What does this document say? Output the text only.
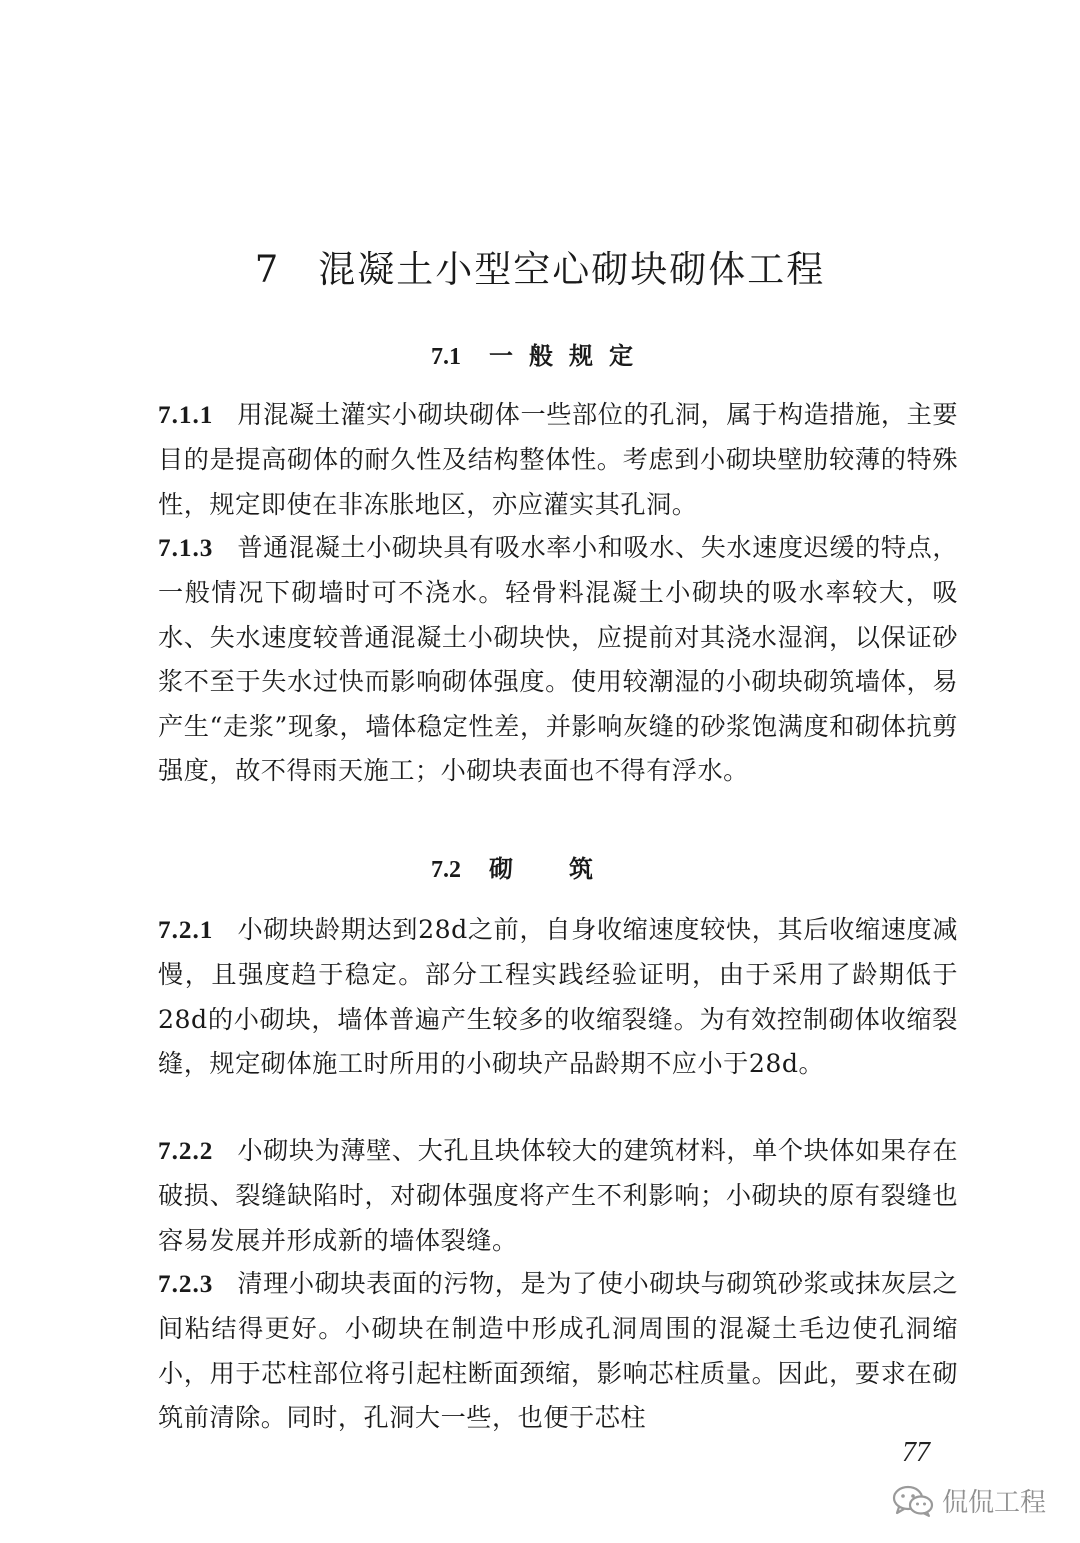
7 混凝土小型空心砌块砌体工程
7.1 一般规定
7.1.1 用混凝土灌实小砌块砌体一些部位的孔洞，属于构造措施，主要目的是提高砌体的耐久性及结构整体性。考虑到小砌块壁肋较薄的特殊性，规定即使在非冻胀地区，亦应灌实其孔洞。
7.1.3 普通混凝土小砌块具有吸水率小和吸水、失水速度迟缓的特点，一般情况下砌墙时可不浇水。轻骨料混凝土小砌块的吸水率较大，吸水、失水速度较普通混凝土小砌块快，应提前对其浇水湿润，以保证砂浆不至于失水过快而影响砌体强度。使用较潮湿的小砌块砌筑墙体，易产生“走浆”现象，墙体稳定性差，并影响灰缝的砂浆饱满度和砌体抗剪强度，故不得雨天施工；小砌块表面也不得有浮水。
7.2 砌筑
7.2.1 小砌块龄期达到28d之前，自身收缩速度较快，其后收缩速度减慢，且强度趋于稳定。部分工程实践经验证明，由于采用了龄期低于28d的小砌块，墙体普遍产生较多的收缩裂缝。为有效控制砌体收缩裂缝，规定砌体施工时所用的小砌块产品龄期不应小于28d。
7.2.2 小砌块为薄壁、大孔且块体较大的建筑材料，单个块体如果存在破损、裂缝缺陷时，对砌体强度将产生不利影响；小砌块的原有裂缝也容易发展并形成新的墙体裂缝。
7.2.3 清理小砌块表面的污物，是为了使小砌块与砌筑砂浆或抹灰层之间粘结得更好。小砌块在制造中形成孔洞周围的混凝土毛边使孔洞缩小，用于芯柱部位将引起柱断面颈缩，影响芯柱质量。因此，要求在砌筑前清除。同时，孔洞大一些，也便于芯柱
77
侃侃工程
